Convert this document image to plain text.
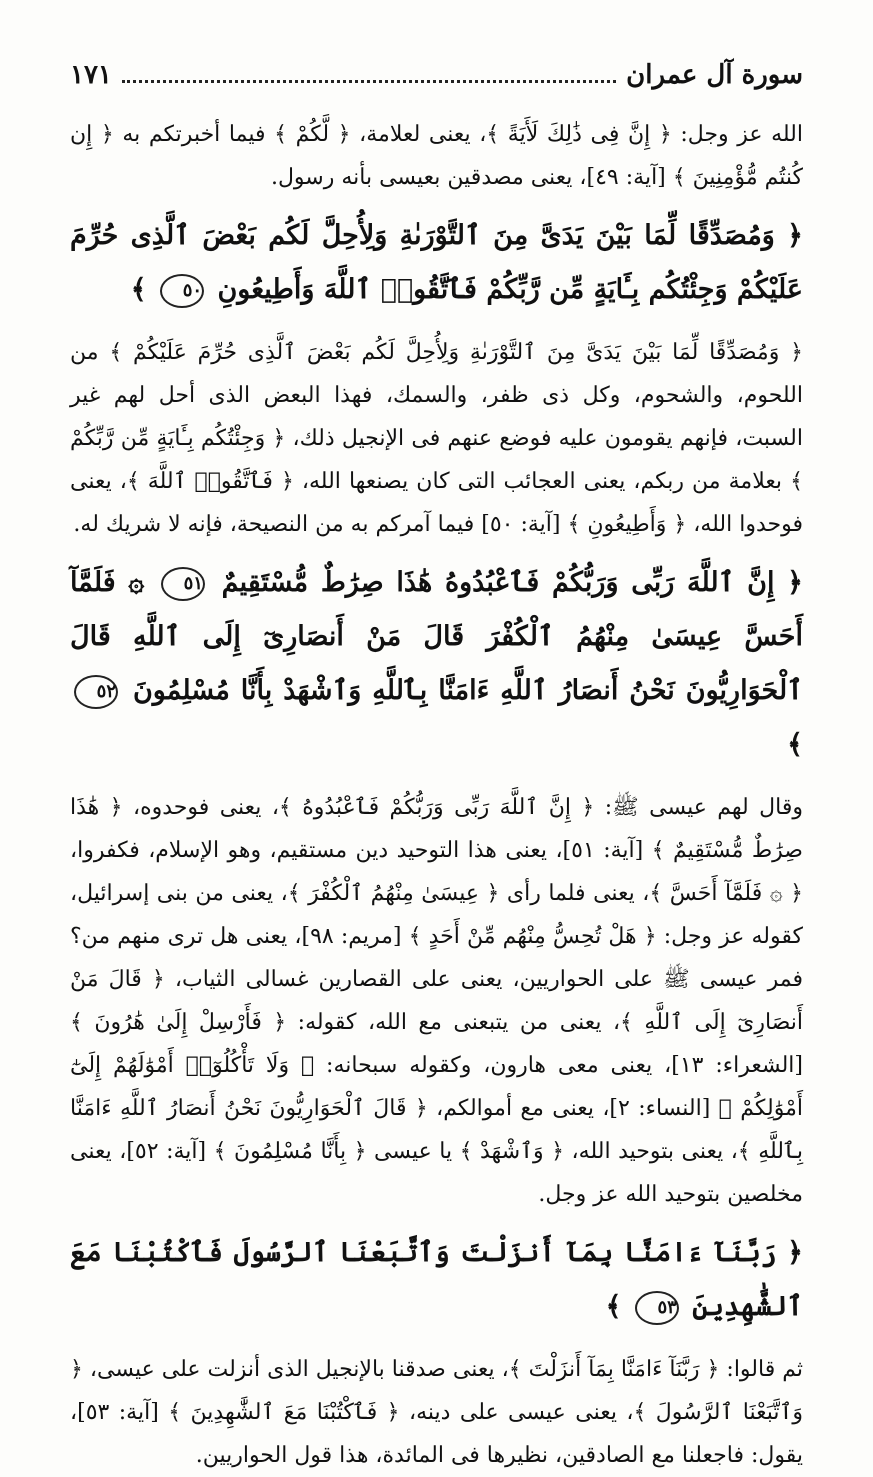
سورة آل عمران
١٧١

الله عز وجل: ﴿ إِنَّ فِى ذَٰلِكَ لَأَيَةً ﴾، يعنى لعلامة، ﴿ لَّكُمْ ﴾ فيما أخبرتكم به ﴿ إِن كُنتُم مُّؤْمِنِينَ ﴾ [آية: ٤٩]، يعنى مصدقين بعيسى بأنه رسول.

﴿ وَمُصَدِّقًا لِّمَا بَيْنَ يَدَىَّ مِنَ ٱلتَّوْرَىٰةِ وَلِأُحِلَّ لَكُم بَعْضَ ٱلَّذِى حُرِّمَ عَلَيْكُمْ وَجِئْتُكُم بِـَٔايَةٍ مِّن رَّبِّكُمْ فَٱتَّقُوا۟ ٱللَّهَ وَأَطِيعُونِ ٥٠ ﴾

﴿ وَمُصَدِّقًا لِّمَا بَيْنَ يَدَىَّ مِنَ ٱلتَّوْرَىٰةِ وَلِأُحِلَّ لَكُم بَعْضَ ٱلَّذِى حُرِّمَ عَلَيْكُمْ ﴾ من اللحوم، والشحوم، وكل ذى ظفر، والسمك، فهذا البعض الذى أحل لهم غير السبت، فإنهم يقومون عليه فوضع عنهم فى الإنجيل ذلك، ﴿ وَجِئْتُكُم بِـَٔايَةٍ مِّن رَّبِّكُمْ ﴾ بعلامة من ربكم، يعنى العجائب التى كان يصنعها الله، ﴿ فَٱتَّقُوا۟ ٱللَّهَ ﴾، يعنى فوحدوا الله، ﴿ وَأَطِيعُونِ ﴾ [آية: ٥٠] فيما آمركم به من النصيحة، فإنه لا شريك له.

﴿ إِنَّ ٱللَّهَ رَبِّى وَرَبُّكُمْ فَٱعْبُدُوهُ هَٰذَا صِرَٰطٌ مُّسْتَقِيمٌ ٥١ ۞ فَلَمَّآ أَحَسَّ عِيسَىٰ مِنْهُمُ ٱلْكُفْرَ قَالَ مَنْ أَنصَارِىٓ إِلَى ٱللَّهِ قَالَ ٱلْحَوَارِيُّونَ نَحْنُ أَنصَارُ ٱللَّهِ ءَامَنَّا بِٱللَّهِ وَٱشْهَدْ بِأَنَّا مُسْلِمُونَ ٥٢ ﴾

وقال لهم عيسى ﷺ: ﴿ إِنَّ ٱللَّهَ رَبِّى وَرَبُّكُمْ فَٱعْبُدُوهُ ﴾، يعنى فوحدوه، ﴿ هَٰذَا صِرَٰطٌ مُّسْتَقِيمٌ ﴾ [آية: ٥١]، يعنى هذا التوحيد دين مستقيم، وهو الإسلام، فكفروا، ﴿ ۞ فَلَمَّآ أَحَسَّ ﴾، يعنى فلما رأى ﴿ عِيسَىٰ مِنْهُمُ ٱلْكُفْرَ ﴾، يعنى من بنى إسرائيل، كقوله عز وجل: ﴿ هَلْ تُحِسُّ مِنْهُم مِّنْ أَحَدٍ ﴾ [مريم: ٩٨]، يعنى هل ترى منهم من؟ فمر عيسى ﷺ على الحواريين، يعنى على القصارين غسالى الثياب، ﴿ قَالَ مَنْ أَنصَارِىٓ إِلَى ٱللَّهِ ﴾، يعنى من يتبعنى مع الله، كقوله: ﴿ فَأَرْسِلْ إِلَىٰ هَٰرُونَ ﴾ [الشعراء: ١٣]، يعنى معى هارون، وكقوله سبحانه: ﴿ وَلَا تَأْكُلُوٓا۟ أَمْوَٰلَهُمْ إِلَىٰٓ أَمْوَٰلِكُمْ ﴾ [النساء: ٢]، يعنى مع أموالكم، ﴿ قَالَ ٱلْحَوَارِيُّونَ نَحْنُ أَنصَارُ ٱللَّهِ ءَامَنَّا بِٱللَّهِ ﴾، يعنى بتوحيد الله، ﴿ وَٱشْهَدْ ﴾ يا عيسى ﴿ بِأَنَّا مُسْلِمُونَ ﴾ [آية: ٥٢]، يعنى مخلصين بتوحيد الله عز وجل.

﴿ رَبَّنَآ ءَامَنَّا بِمَآ أَنزَلْتَ وَٱتَّبَعْنَا ٱلرَّسُولَ فَٱكْتُبْنَا مَعَ ٱلشَّٰهِدِينَ ٥٣ ﴾

ثم قالوا: ﴿ رَبَّنَآ ءَامَنَّا بِمَآ أَنزَلْتَ ﴾، يعنى صدقنا بالإنجيل الذى أنزلت على عيسى، ﴿ وَٱتَّبَعْنَا ٱلرَّسُولَ ﴾، يعنى عيسى على دينه، ﴿ فَٱكْتُبْنَا مَعَ ٱلشَّٰهِدِينَ ﴾ [آية: ٥٣]، يقول: فاجعلنا مع الصادقين، نظيرها فى المائدة، هذا قول الحواريين.
